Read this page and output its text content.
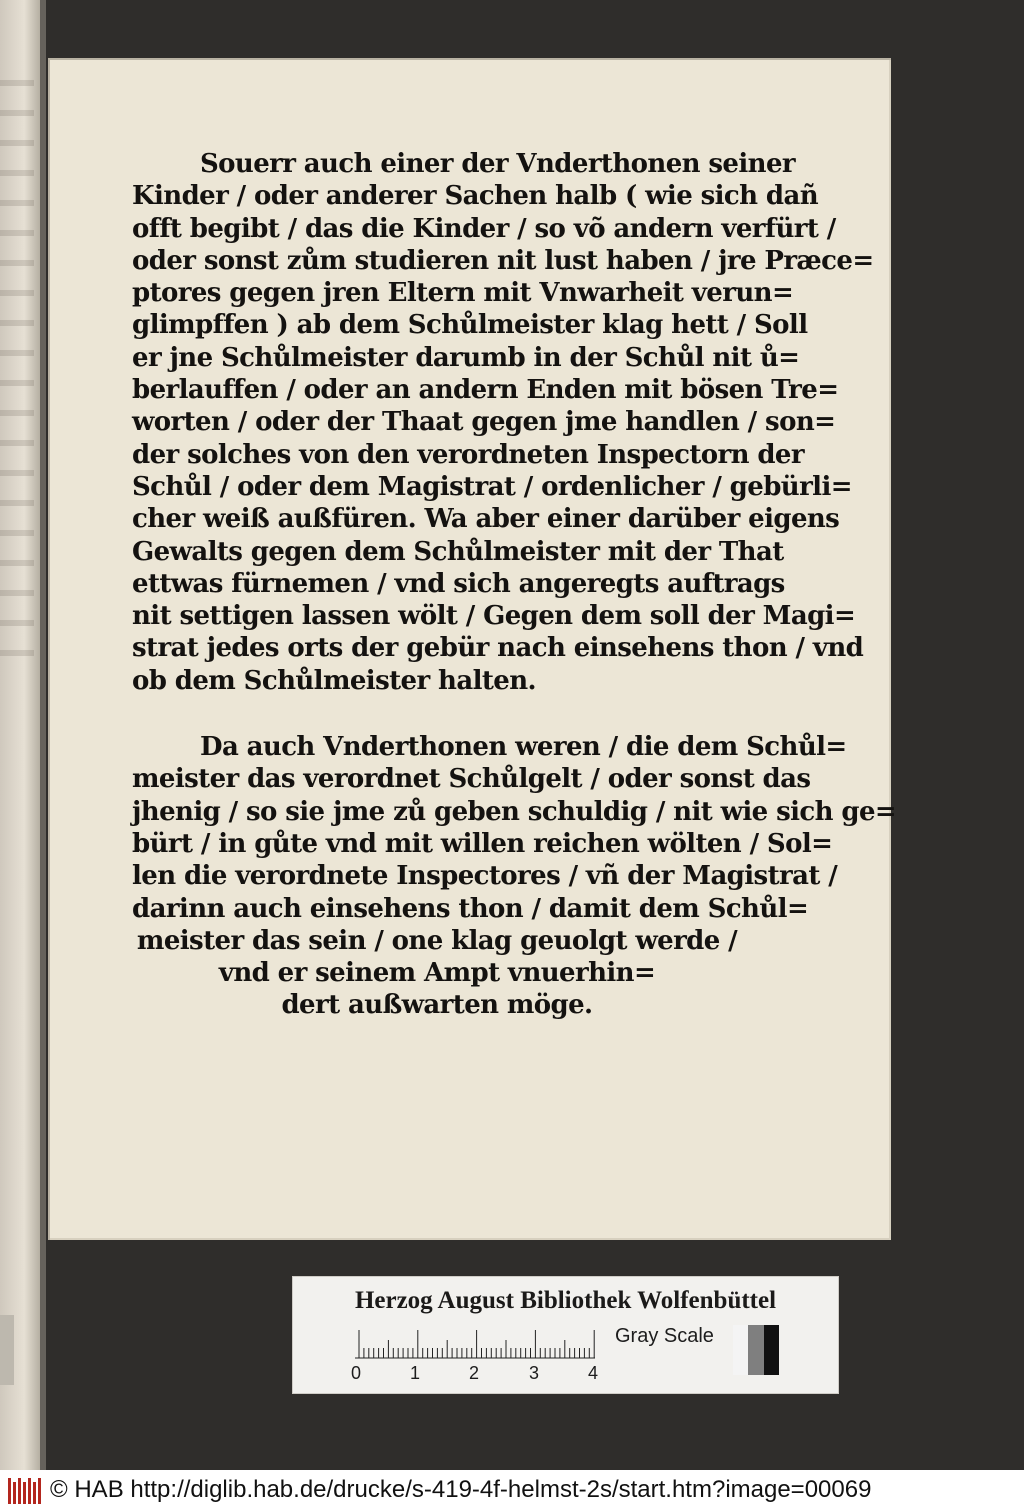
Souerr auch einer der Vnderthonen seiner
Kinder / oder anderer Sachen halb ( wie sich dañ
offt begibt / das die Kinder / so võ andern verfürt /
oder sonst zům studieren nit lust haben / jre Præce=
ptores gegen jren Eltern mit Vnwarheit verun=
glimpffen ) ab dem Schůlmeister klag hett / Soll
er jne Schůlmeister darumb in der Schůl nit ů=
berlauffen / oder an andern Enden mit bösen Tre=
worten / oder der Thaat gegen jme handlen / son=
der solches von den verordneten Inspectorn der
Schůl / oder dem Magistrat / ordenlicher / gebürli=
cher weiß außfüren. Wa aber einer darüber eigens
Gewalts gegen dem Schůlmeister mit der That
ettwas fürnemen / vnd sich angeregts auftrags
nit settigen lassen wölt / Gegen dem soll der Magi=
strat jedes orts der gebür nach einsehens thon / vnd
ob dem Schůlmeister halten.
Da auch Vnderthonen weren / die dem Schůl=
meister das verordnet Schůlgelt / oder sonst das
jhenig / so sie jme zů geben schuldig / nit wie sich ge=
bürt / in gůte vnd mit willen reichen wölten / Sol=
len die verordnete Inspectores / vñ der Magistrat /
darinn auch einsehens thon / damit dem Schůl=
meister das sein / one klag geuolgt werde /
vnd er seinem Ampt vnuerhin=
dert außwarten möge.
Herzog August Bibliothek Wolfenbüttel
0	1	2	3	4
Gray Scale
© HAB http://diglib.hab.de/drucke/s-419-4f-helmst-2s/start.htm?image=00069
